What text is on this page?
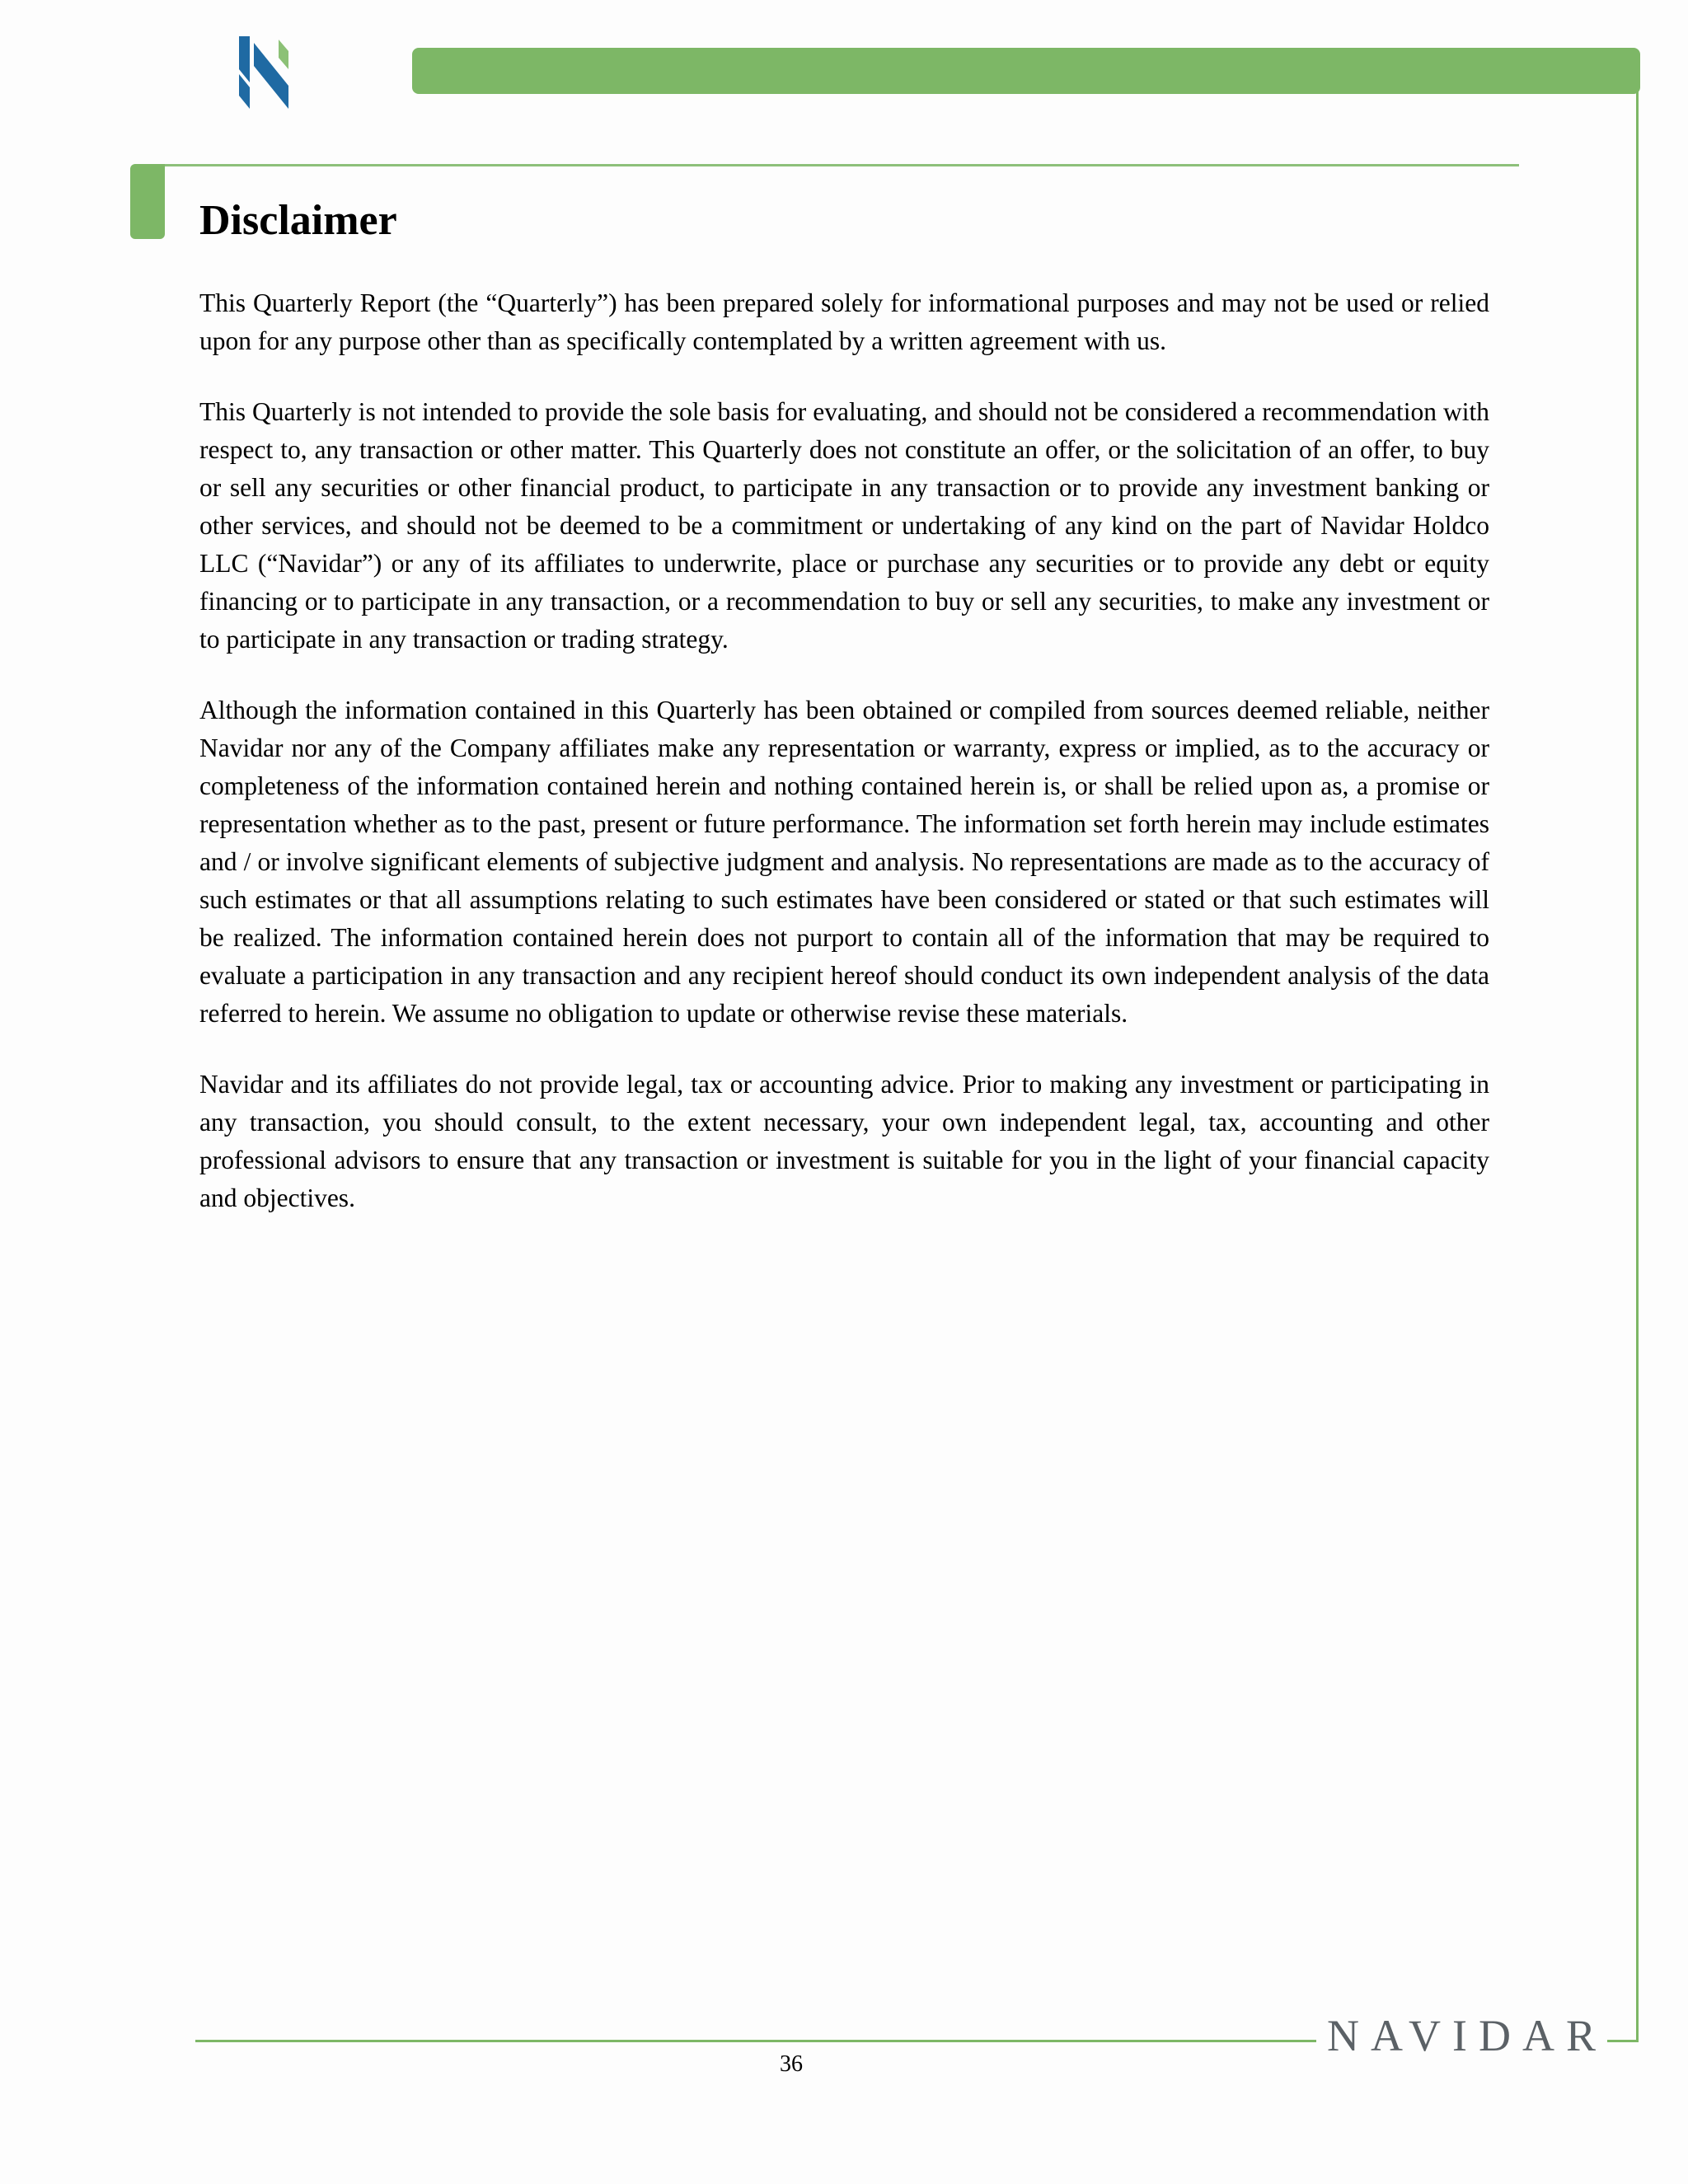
Disclaimer

This Quarterly Report (the “Quarterly”) has been prepared solely for informational purposes and may not be used or relied upon for any purpose other than as specifically contemplated by a written agreement with us.

This Quarterly is not intended to provide the sole basis for evaluating, and should not be considered a recommendation with respect to, any transaction or other matter. This Quarterly does not constitute an offer, or the solicitation of an offer, to buy or sell any securities or other financial product, to participate in any transaction or to provide any investment banking or other services, and should not be deemed to be a commitment or undertaking of any kind on the part of Navidar Holdco LLC (“Navidar”) or any of its affiliates to underwrite, place or purchase any securities or to provide any debt or equity financing or to participate in any transaction, or a recommendation to buy or sell any securities, to make any investment or to participate in any transaction or trading strategy.

Although the information contained in this Quarterly has been obtained or compiled from sources deemed reliable, neither Navidar nor any of the Company affiliates make any representation or warranty, express or implied, as to the accuracy or completeness of the information contained herein and nothing contained herein is, or shall be relied upon as, a promise or representation whether as to the past, present or future performance. The information set forth herein may include estimates and / or involve significant elements of subjective judgment and analysis. No representations are made as to the accuracy of such estimates or that all assumptions relating to such estimates have been considered or stated or that such estimates will be realized. The information contained herein does not purport to contain all of the information that may be required to evaluate a participation in any transaction and any recipient hereof should conduct its own independent analysis of the data referred to herein. We assume no obligation to update or otherwise revise these materials.

Navidar and its affiliates do not provide legal, tax or accounting advice. Prior to making any investment or participating in any transaction, you should consult, to the extent necessary, your own independent legal, tax, accounting and other professional advisors to ensure that any transaction or investment is suitable for you in the light of your financial capacity and objectives.

NAVIDAR
36
